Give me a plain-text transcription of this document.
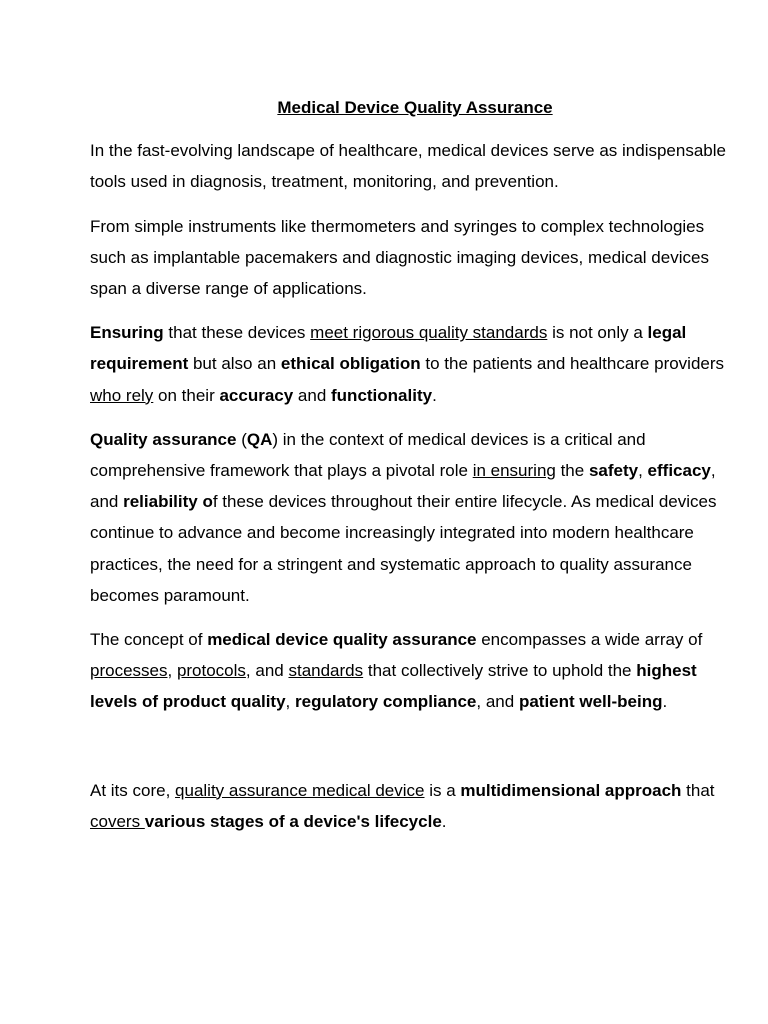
Medical Device Quality Assurance

In the fast-evolving landscape of healthcare, medical devices serve as indispensable tools used in diagnosis, treatment, monitoring, and prevention.

From simple instruments like thermometers and syringes to complex technologies such as implantable pacemakers and diagnostic imaging devices, medical devices span a diverse range of applications.

Ensuring that these devices meet rigorous quality standards is not only a legal requirement but also an ethical obligation to the patients and healthcare providers who rely on their accuracy and functionality.

Quality assurance (QA) in the context of medical devices is a critical and comprehensive framework that plays a pivotal role in ensuring the safety, efficacy, and reliability of these devices throughout their entire lifecycle. As medical devices continue to advance and become increasingly integrated into modern healthcare practices, the need for a stringent and systematic approach to quality assurance becomes paramount.

The concept of medical device quality assurance encompasses a wide array of processes, protocols, and standards that collectively strive to uphold the highest levels of product quality, regulatory compliance, and patient well-being.

At its core, quality assurance medical device is a multidimensional approach that covers various stages of a device's lifecycle.
